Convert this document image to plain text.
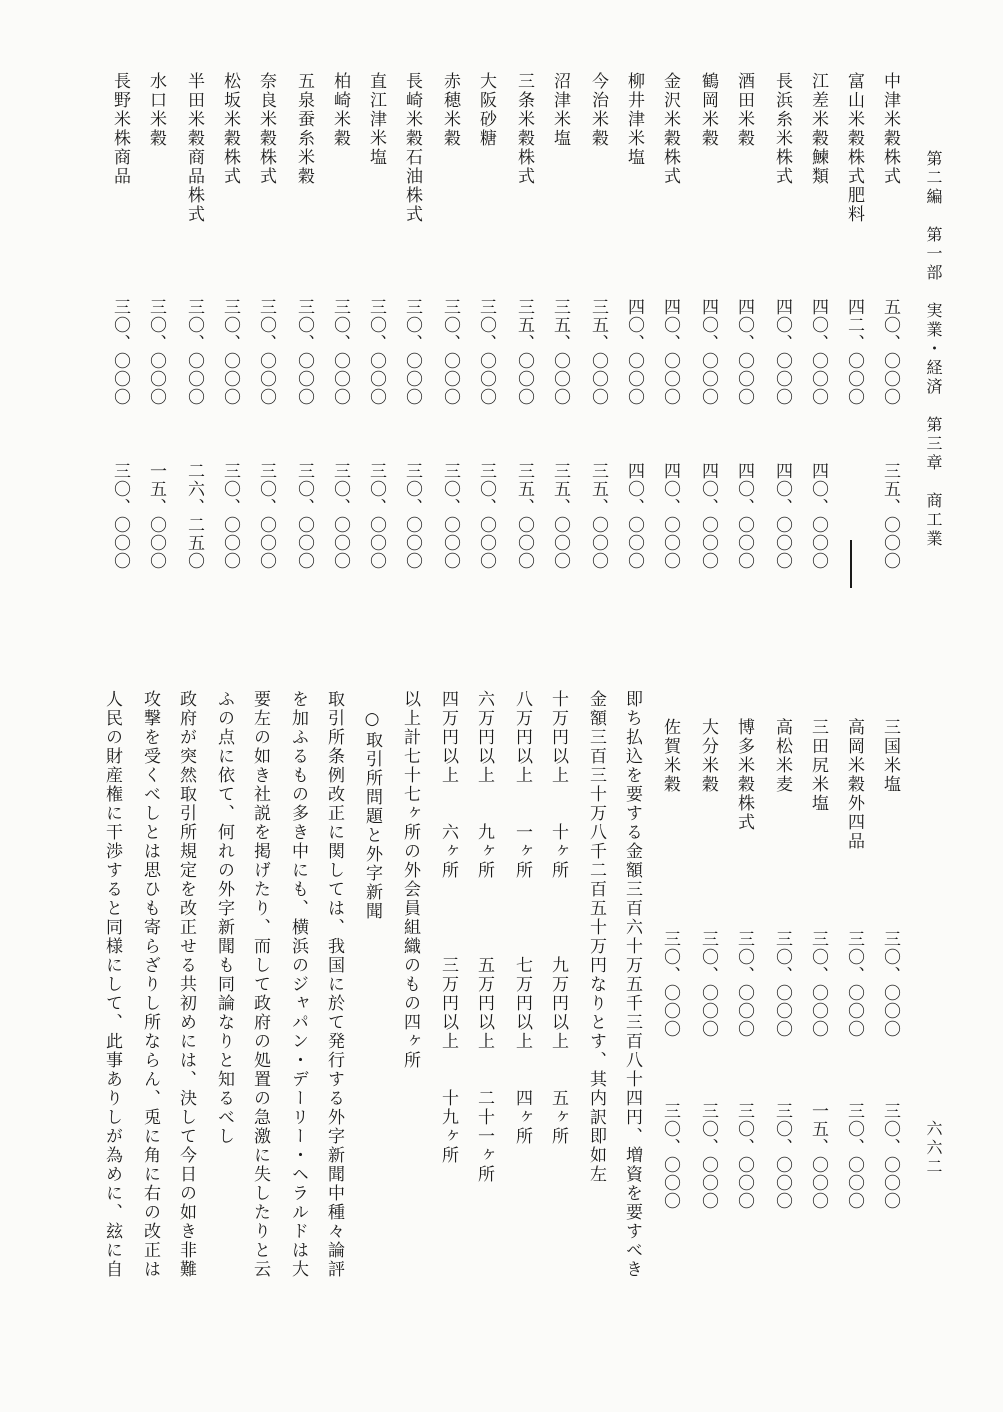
第二編　第一部　実業・経済　第三章　商工業
六六二
中津米穀株式
五〇、〇〇〇
三五、〇〇〇
富山米穀株式肥料
四二、〇〇〇
江差米穀鰊類
四〇、〇〇〇
四〇、〇〇〇
長浜糸米株式
四〇、〇〇〇
四〇、〇〇〇
酒田米穀
四〇、〇〇〇
四〇、〇〇〇
鶴岡米穀
四〇、〇〇〇
四〇、〇〇〇
金沢米穀株式
四〇、〇〇〇
四〇、〇〇〇
柳井津米塩
四〇、〇〇〇
四〇、〇〇〇
今治米穀
三五、〇〇〇
三五、〇〇〇
沼津米塩
三五、〇〇〇
三五、〇〇〇
三条米穀株式
三五、〇〇〇
三五、〇〇〇
大阪砂糖
三〇、〇〇〇
三〇、〇〇〇
赤穂米穀
三〇、〇〇〇
三〇、〇〇〇
長崎米穀石油株式
三〇、〇〇〇
三〇、〇〇〇
直江津米塩
三〇、〇〇〇
三〇、〇〇〇
柏崎米穀
三〇、〇〇〇
三〇、〇〇〇
五泉蚕糸米穀
三〇、〇〇〇
三〇、〇〇〇
奈良米穀株式
三〇、〇〇〇
三〇、〇〇〇
松坂米穀株式
三〇、〇〇〇
三〇、〇〇〇
半田米穀商品株式
三〇、〇〇〇
二六、二五〇
水口米穀
三〇、〇〇〇
一五、〇〇〇
長野米株商品
三〇、〇〇〇
三〇、〇〇〇
三国米塩
三〇、〇〇〇
三〇、〇〇〇
高岡米穀外四品
三〇、〇〇〇
三〇、〇〇〇
三田尻米塩
三〇、〇〇〇
一五、〇〇〇
高松米麦
三〇、〇〇〇
三〇、〇〇〇
博多米穀株式
三〇、〇〇〇
三〇、〇〇〇
大分米穀
三〇、〇〇〇
三〇、〇〇〇
佐賀米穀
三〇、〇〇〇
三〇、〇〇〇
即ち払込を要する金額三百六十万五千三百八十四円、増資を要すべき
金額三百三十万八千二百五十万円なりとす、其内訳即如左
十万円以上　　十ヶ所　　　　九万円以上　　五ヶ所
八万円以上　　一ヶ所　　　　七万円以上　　四ヶ所
六万円以上　　九ヶ所　　　　五万円以上　　二十一ヶ所
四万円以上　　六ヶ所　　　　三万円以上　　十九ヶ所
以上計七十七ヶ所の外会員組織のもの四ヶ所
　○取引所問題と外字新聞
取引所条例改正に関しては、我国に於て発行する外字新聞中種々論評
を加ふるもの多き中にも、横浜のジャパン・デーリー・ヘラルドは大
要左の如き社説を掲げたり、而して政府の処置の急激に失したりと云
ふの点に依て、何れの外字新聞も同論なりと知るべし
政府が突然取引所規定を改正せる共初めには、決して今日の如き非難
攻撃を受くべしとは思ひも寄らざりし所ならん、兎に角に右の改正は
人民の財産権に干渉すると同様にして、此事ありしが為めに、玆に自
